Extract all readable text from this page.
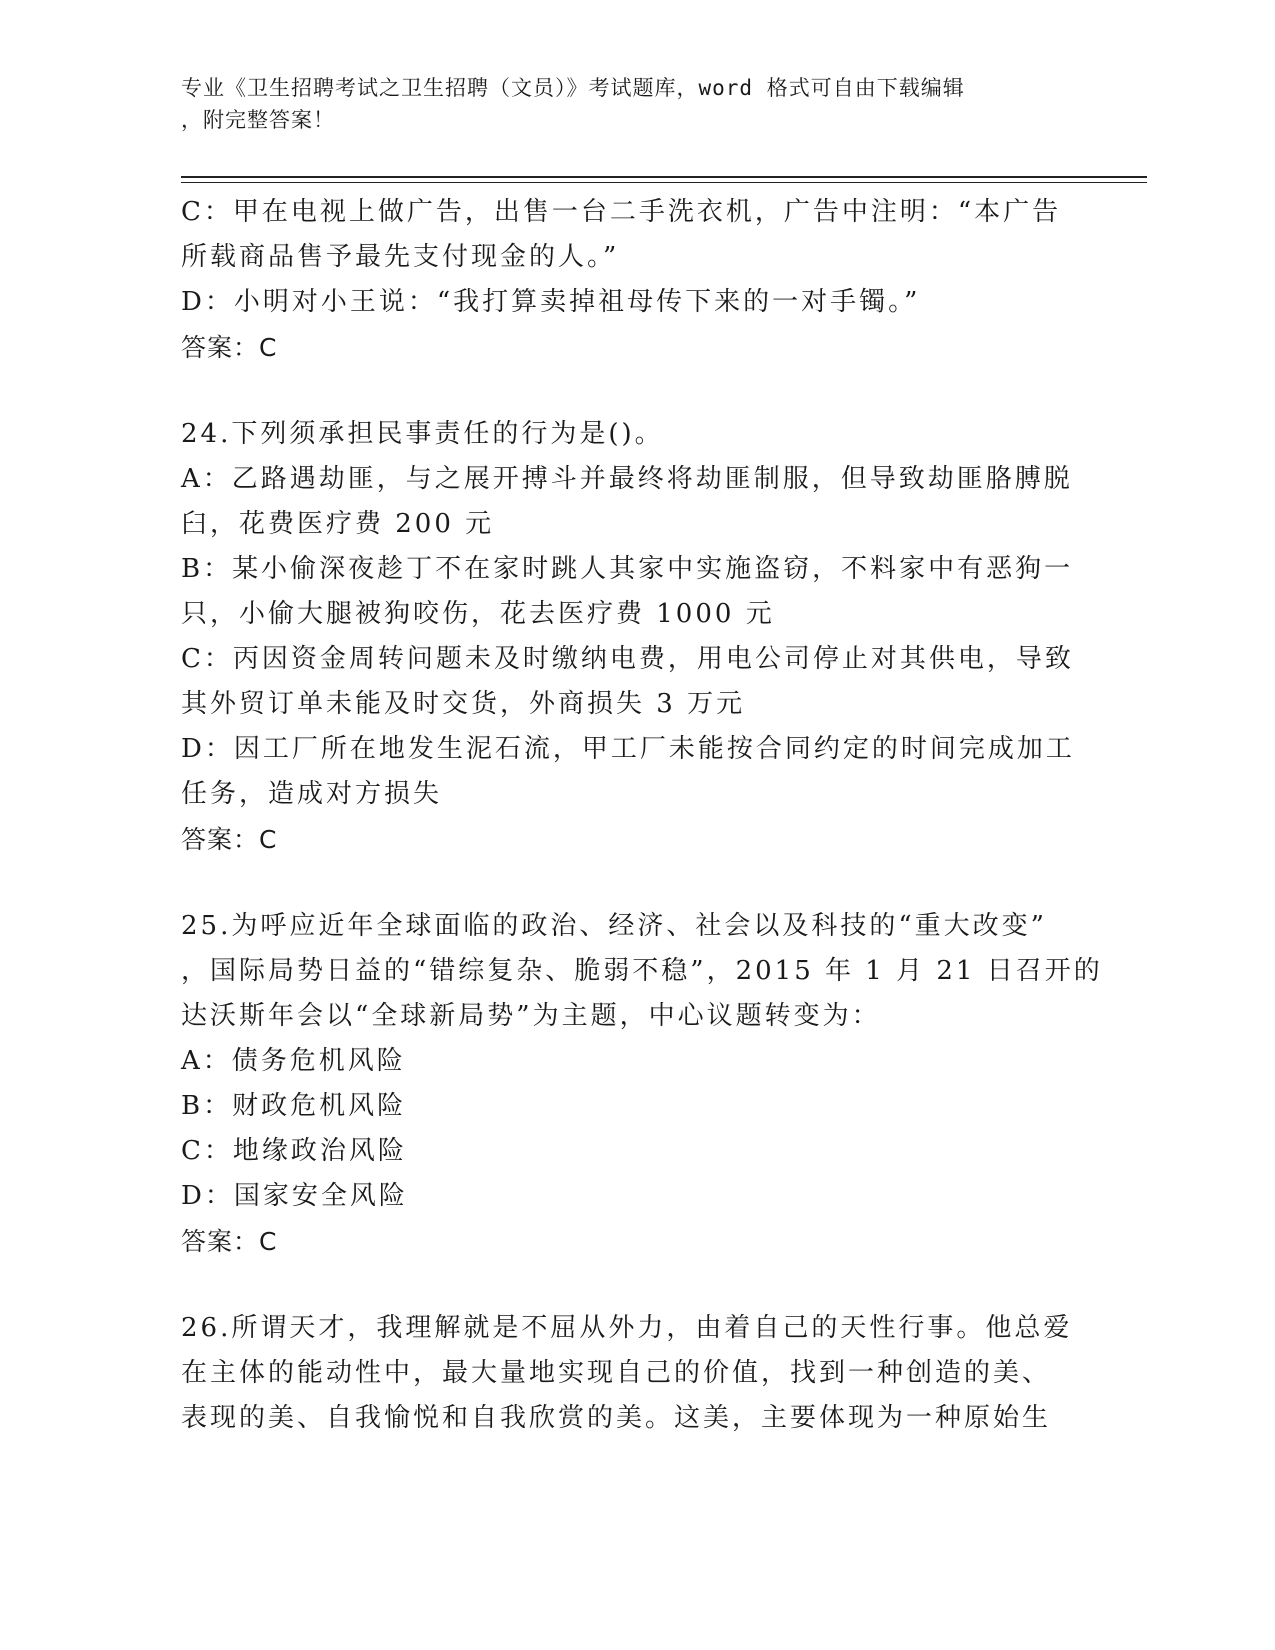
专业《卫生招聘考试之卫生招聘（文员）》考试题库，word 格式可自由下载编辑
，附完整答案！
C：甲在电视上做广告，出售一台二手洗衣机，广告中注明：“本广告
所载商品售予最先支付现金的人。”
D：小明对小王说：“我打算卖掉祖母传下来的一对手镯。”
答案：C
24.下列须承担民事责任的行为是()。
A：乙路遇劫匪，与之展开搏斗并最终将劫匪制服，但导致劫匪胳膊脱
臼，花费医疗费 200 元
B：某小偷深夜趁丁不在家时跳人其家中实施盗窃，不料家中有恶狗一
只，小偷大腿被狗咬伤，花去医疗费 1000 元
C：丙因资金周转问题未及时缴纳电费，用电公司停止对其供电，导致
其外贸订单未能及时交货，外商损失 3 万元
D：因工厂所在地发生泥石流，甲工厂未能按合同约定的时间完成加工
任务，造成对方损失
答案：C
25.为呼应近年全球面临的政治、经济、社会以及科技的“重大改变”
，国际局势日益的“错综复杂、脆弱不稳”，2015 年 1 月 21 日召开的
达沃斯年会以“全球新局势”为主题，中心议题转变为：
A：债务危机风险
B：财政危机风险
C：地缘政治风险
D：国家安全风险
答案：C
26.所谓天才，我理解就是不屈从外力，由着自己的天性行事。他总爱
在主体的能动性中，最大量地实现自己的价值，找到一种创造的美、
表现的美、自我愉悦和自我欣赏的美。这美，主要体现为一种原始生
